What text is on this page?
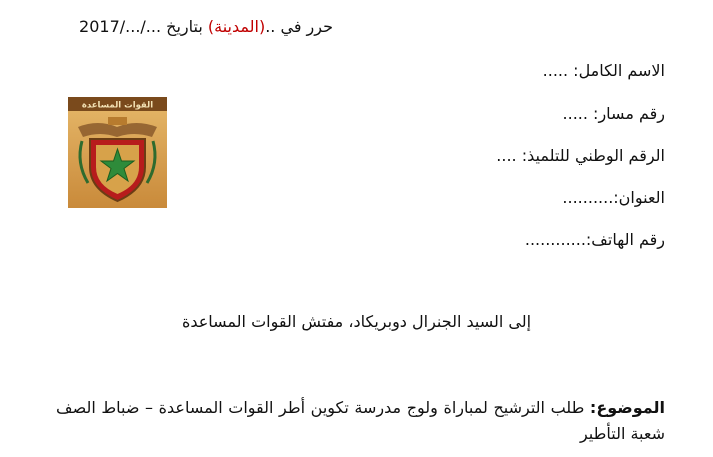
حرر في ..(المدينة) بتاريخ .../.../2017
الاسم الكامل: .....
رقم مسار: .....
الرقم الوطني للتلميذ: ....
العنوان:..........
رقم الهاتف:............
القوات المساعدة
إلى السيد الجنرال دوبريكاد، مفتش القوات المساعدة
الموضوع: طلب الترشيح لمباراة ولوج مدرسة تكوين أطر القوات المساعدة – ضباط الصف شعبة التأطير
